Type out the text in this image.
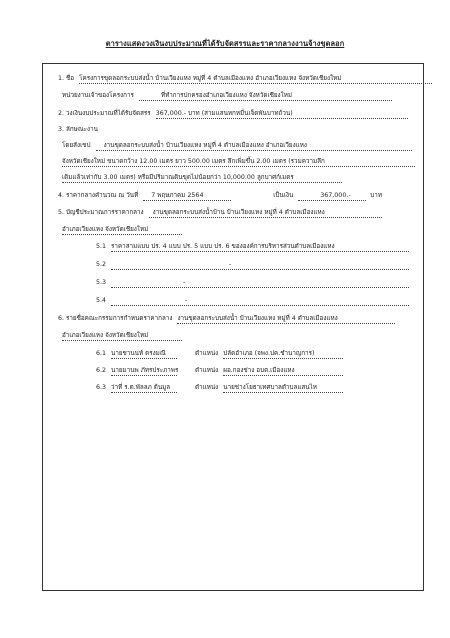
ตารางแสดงวงเงินงบประมาณที่ได้รับจัดสรรและราคากลางงานจ้างขุดลอก
1. ชื่อ โครงการขุดลอกระบบส่งน้ำ บ้านเวียงแหง หมู่ที่ 4 ตำบลเมืองแหง อำเภอเวียงแหง จังหวัดเชียงใหม่
หน่วยงานเจ้าของโครงการ	ที่ทำการปกครองอำเภอเวียงแหง จังหวัดเชียงใหม่
2. วงเงินงบประมาณที่ได้รับจัดสรร 367,000.- บาท (สามแสนหกหมื่นเจ็ดพันบาทถ้วน)
3. ลักษณะงาน
โดยสังเขป งานขุดลอกระบบส่งน้ำ บ้านเวียงแหง หมู่ที่ 4 ตำบลเมืองแหง อำเภอเวียงแหง
จังหวัดเชียงใหม่ ขนาดกว้าง 12.00 เมตร ยาว 500.00 เมตร ลึกเพิ่มขึ้น 2.00 เมตร (รวมความลึก
เดิมแล้วเท่ากับ 3.00 เมตร) หรือมีปริมาณดินขุดไม่น้อยกว่า 10,000.00 ลูกบาศก์เมตร
4. ราคากลางคำนวณ ณ วันที่ 7 พฤษภาคม 2564	เป็นเงิน	367,000.-	บาท
5. บัญชีประมาณการราคากลาง งานขุดลอกระบบส่งน้ำบ้าน บ้านเวียงแหง หมู่ที่ 4 ตำบลเมืองแหง
อำเภอเวียงแหง จังหวัดเชียงใหม่
5.1 ราคาสามแบบ ปร. 4 แบบ ปร. 5 แบบ ปร. 6 ขององค์การบริหารส่วนตำบลเมืองแหง
5.2	-
5.3	-
5.4	-
6. รายชื่อคณะกรรมการกำหนดราคากลาง งานขุดลอกระบบส่งน้ำ บ้านเวียงแหง หมู่ที่ 4 ตำบลเมืองแหง
อำเภอเวียงแหง จังหวัดเชียงใหม่
6.1 นายชานนท์ ตรงมณี	ตำแหน่ง ปลัดอำเภอ (จพง.ปค.ชำนาญการ)
6.2 นายมานพ ภัทรประภาพร	ตำแหน่ง ผอ.กองช่าง อบต.เมืองแหง
6.3 ว่าที่ ร.ต.พัลลภ ต้นมูล	ตำแหน่ง นายช่างโยธาเทศบาลตำบลแสนไห
